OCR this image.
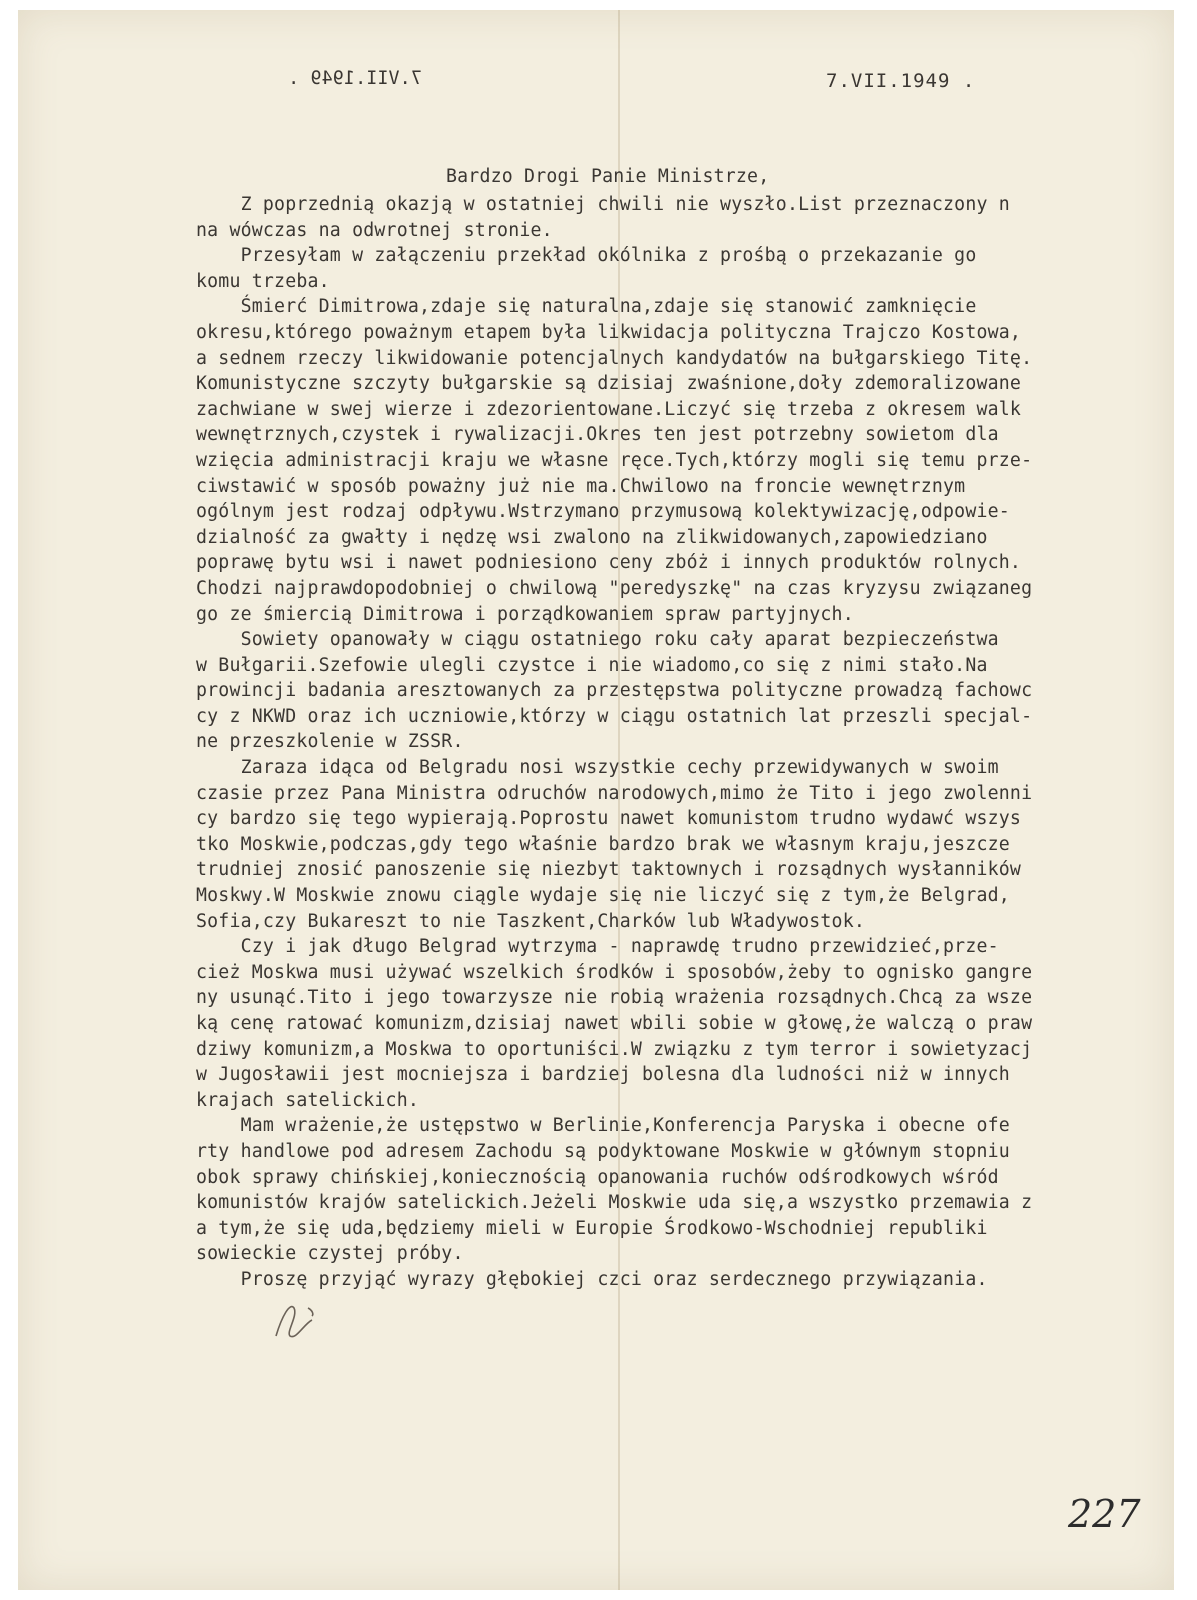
7.VII.1949 .	7.VII.1949 .
Bardzo Drogi Panie Ministrze,
Z poprzednią okazją w ostatniej chwili nie wyszło.List przeznaczony n
na wówczas na odwrotnej stronie.
Przesyłam w załączeniu przekład okólnika z prośbą o przekazanie go
komu trzeba.
Śmierć Dimitrowa,zdaje się naturalna,zdaje się stanowić zamknięcie
okresu,którego poważnym etapem była likwidacja polityczna Trajczo Kostowa,
a sednem rzeczy likwidowanie potencjalnych kandydatów na bułgarskiego Titę.
Komunistyczne szczyty bułgarskie są dzisiaj zwaśnione,doły zdemoralizowane
zachwiane w swej wierze i zdezorientowane.Liczyć się trzeba z okresem walk
wewnętrznych,czystek i rywalizacji.Okres ten jest potrzebny sowietom dla
wzięcia administracji kraju we własne ręce.Tych,którzy mogli się temu prze-
ciwstawić w sposób poważny już nie ma.Chwilowo na froncie wewnętrznym
ogólnym jest rodzaj odpływu.Wstrzymano przymusową kolektywizację,odpowie-
dzialność za gwałty i nędzę wsi zwalono na zlikwidowanych,zapowiedziano
poprawę bytu wsi i nawet podniesiono ceny zbóż i innych produktów rolnych.
Chodzi najprawdopodobniej o chwilową "peredyszkę" na czas kryzysu związaneg
go ze śmiercią Dimitrowa i porządkowaniem spraw partyjnych.
Sowiety opanowały w ciągu ostatniego roku cały aparat bezpieczeństwa
w Bułgarii.Szefowie ulegli czystce i nie wiadomo,co się z nimi stało.Na
prowincji badania aresztowanych za przestępstwa polityczne prowadzą fachowc
cy z NKWD oraz ich uczniowie,którzy w ciągu ostatnich lat przeszli specjal-
ne przeszkolenie w ZSSR.
Zaraza idąca od Belgradu nosi wszystkie cechy przewidywanych w swoim
czasie przez Pana Ministra odruchów narodowych,mimo że Tito i jego zwolenni
cy bardzo się tego wypierają.Poprostu nawet komunistom trudno wydawć wszys
tko Moskwie,podczas,gdy tego właśnie bardzo brak we własnym kraju,jeszcze
trudniej znosić panoszenie się niezbyt taktownych i rozsądnych wysłanników
Moskwy.W Moskwie znowu ciągle wydaje się nie liczyć się z tym,że Belgrad,
Sofia,czy Bukareszt to nie Taszkent,Charków lub Władywostok.
Czy i jak długo Belgrad wytrzyma - naprawdę trudno przewidzieć,prze-
cież Moskwa musi używać wszelkich środków i sposobów,żeby to ognisko gangre
ny usunąć.Tito i jego towarzysze nie robią wrażenia rozsądnych.Chcą za wsze
ką cenę ratować komunizm,dzisiaj nawet wbili sobie w głowę,że walczą o praw
dziwy komunizm,a Moskwa to oportuniści.W związku z tym terror i sowietyzacj
w Jugosławii jest mocniejsza i bardziej bolesna dla ludności niż w innych
krajach satelickich.
Mam wrażenie,że ustępstwo w Berlinie,Konferencja Paryska i obecne ofe
rty handlowe pod adresem Zachodu są podyktowane Moskwie w głównym stopniu
obok sprawy chińskiej,koniecznością opanowania ruchów odśrodkowych wśród
komunistów krajów satelickich.Jeżeli Moskwie uda się,a wszystko przemawia z
a tym,że się uda,będziemy mieli w Europie Środkowo-Wschodniej republiki
sowieckie czystej próby.
Proszę przyjąć wyrazy głębokiej czci oraz serdecznego przywiązania.
227
